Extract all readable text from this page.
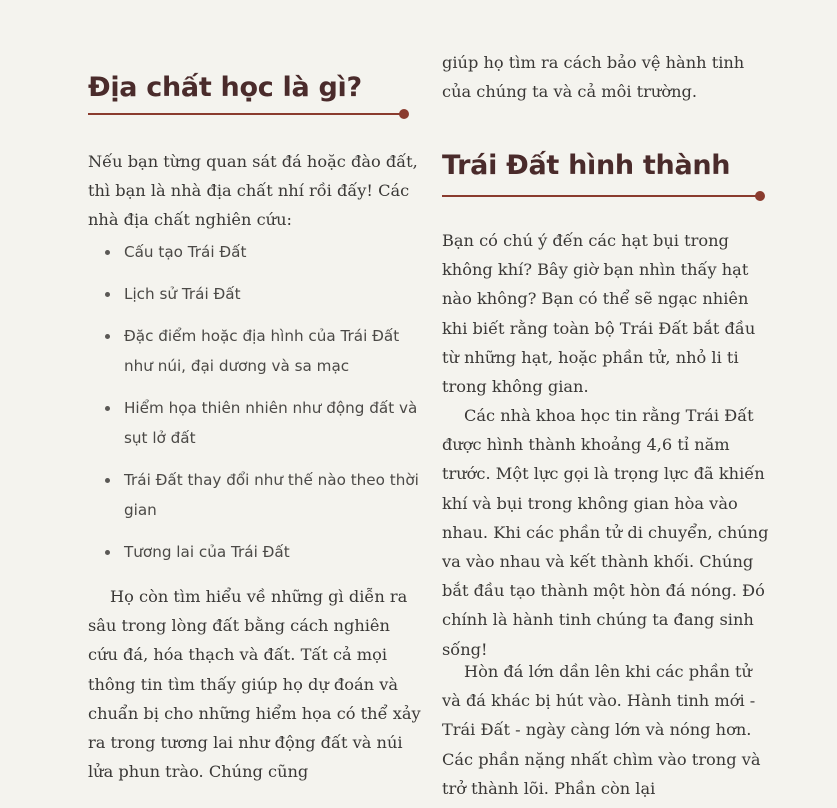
Địa chất học là gì?

Nếu bạn từng quan sát đá hoặc đào đất, thì bạn là nhà địa chất nhí rồi đấy! Các nhà địa chất nghiên cứu:

Cấu tạo Trái Đất
Lịch sử Trái Đất
Đặc điểm hoặc địa hình của Trái Đất như núi, đại dương và sa mạc
Hiểm họa thiên nhiên như động đất và sụt lở đất
Trái Đất thay đổi như thế nào theo thời gian
Tương lai của Trái Đất

Họ còn tìm hiểu về những gì diễn ra sâu trong lòng đất bằng cách nghiên cứu đá, hóa thạch và đất. Tất cả mọi thông tin tìm thấy giúp họ dự đoán và chuẩn bị cho những hiểm họa có thể xảy ra trong tương lai như động đất và núi lửa phun trào. Chúng cũng

giúp họ tìm ra cách bảo vệ hành tinh của chúng ta và cả môi trường.

Trái Đất hình thành

Bạn có chú ý đến các hạt bụi trong không khí? Bây giờ bạn nhìn thấy hạt nào không? Bạn có thể sẽ ngạc nhiên khi biết rằng toàn bộ Trái Đất bắt đầu từ những hạt, hoặc phần tử, nhỏ li ti trong không gian.

Các nhà khoa học tin rằng Trái Đất được hình thành khoảng 4,6 tỉ năm trước. Một lực gọi là trọng lực đã khiến khí và bụi trong không gian hòa vào nhau. Khi các phần tử di chuyển, chúng va vào nhau và kết thành khối. Chúng bắt đầu tạo thành một hòn đá nóng. Đó chính là hành tinh chúng ta đang sinh sống!

Hòn đá lớn dần lên khi các phần tử và đá khác bị hút vào. Hành tinh mới - Trái Đất - ngày càng lớn và nóng hơn. Các phần nặng nhất chìm vào trong và trở thành lõi. Phần còn lại
